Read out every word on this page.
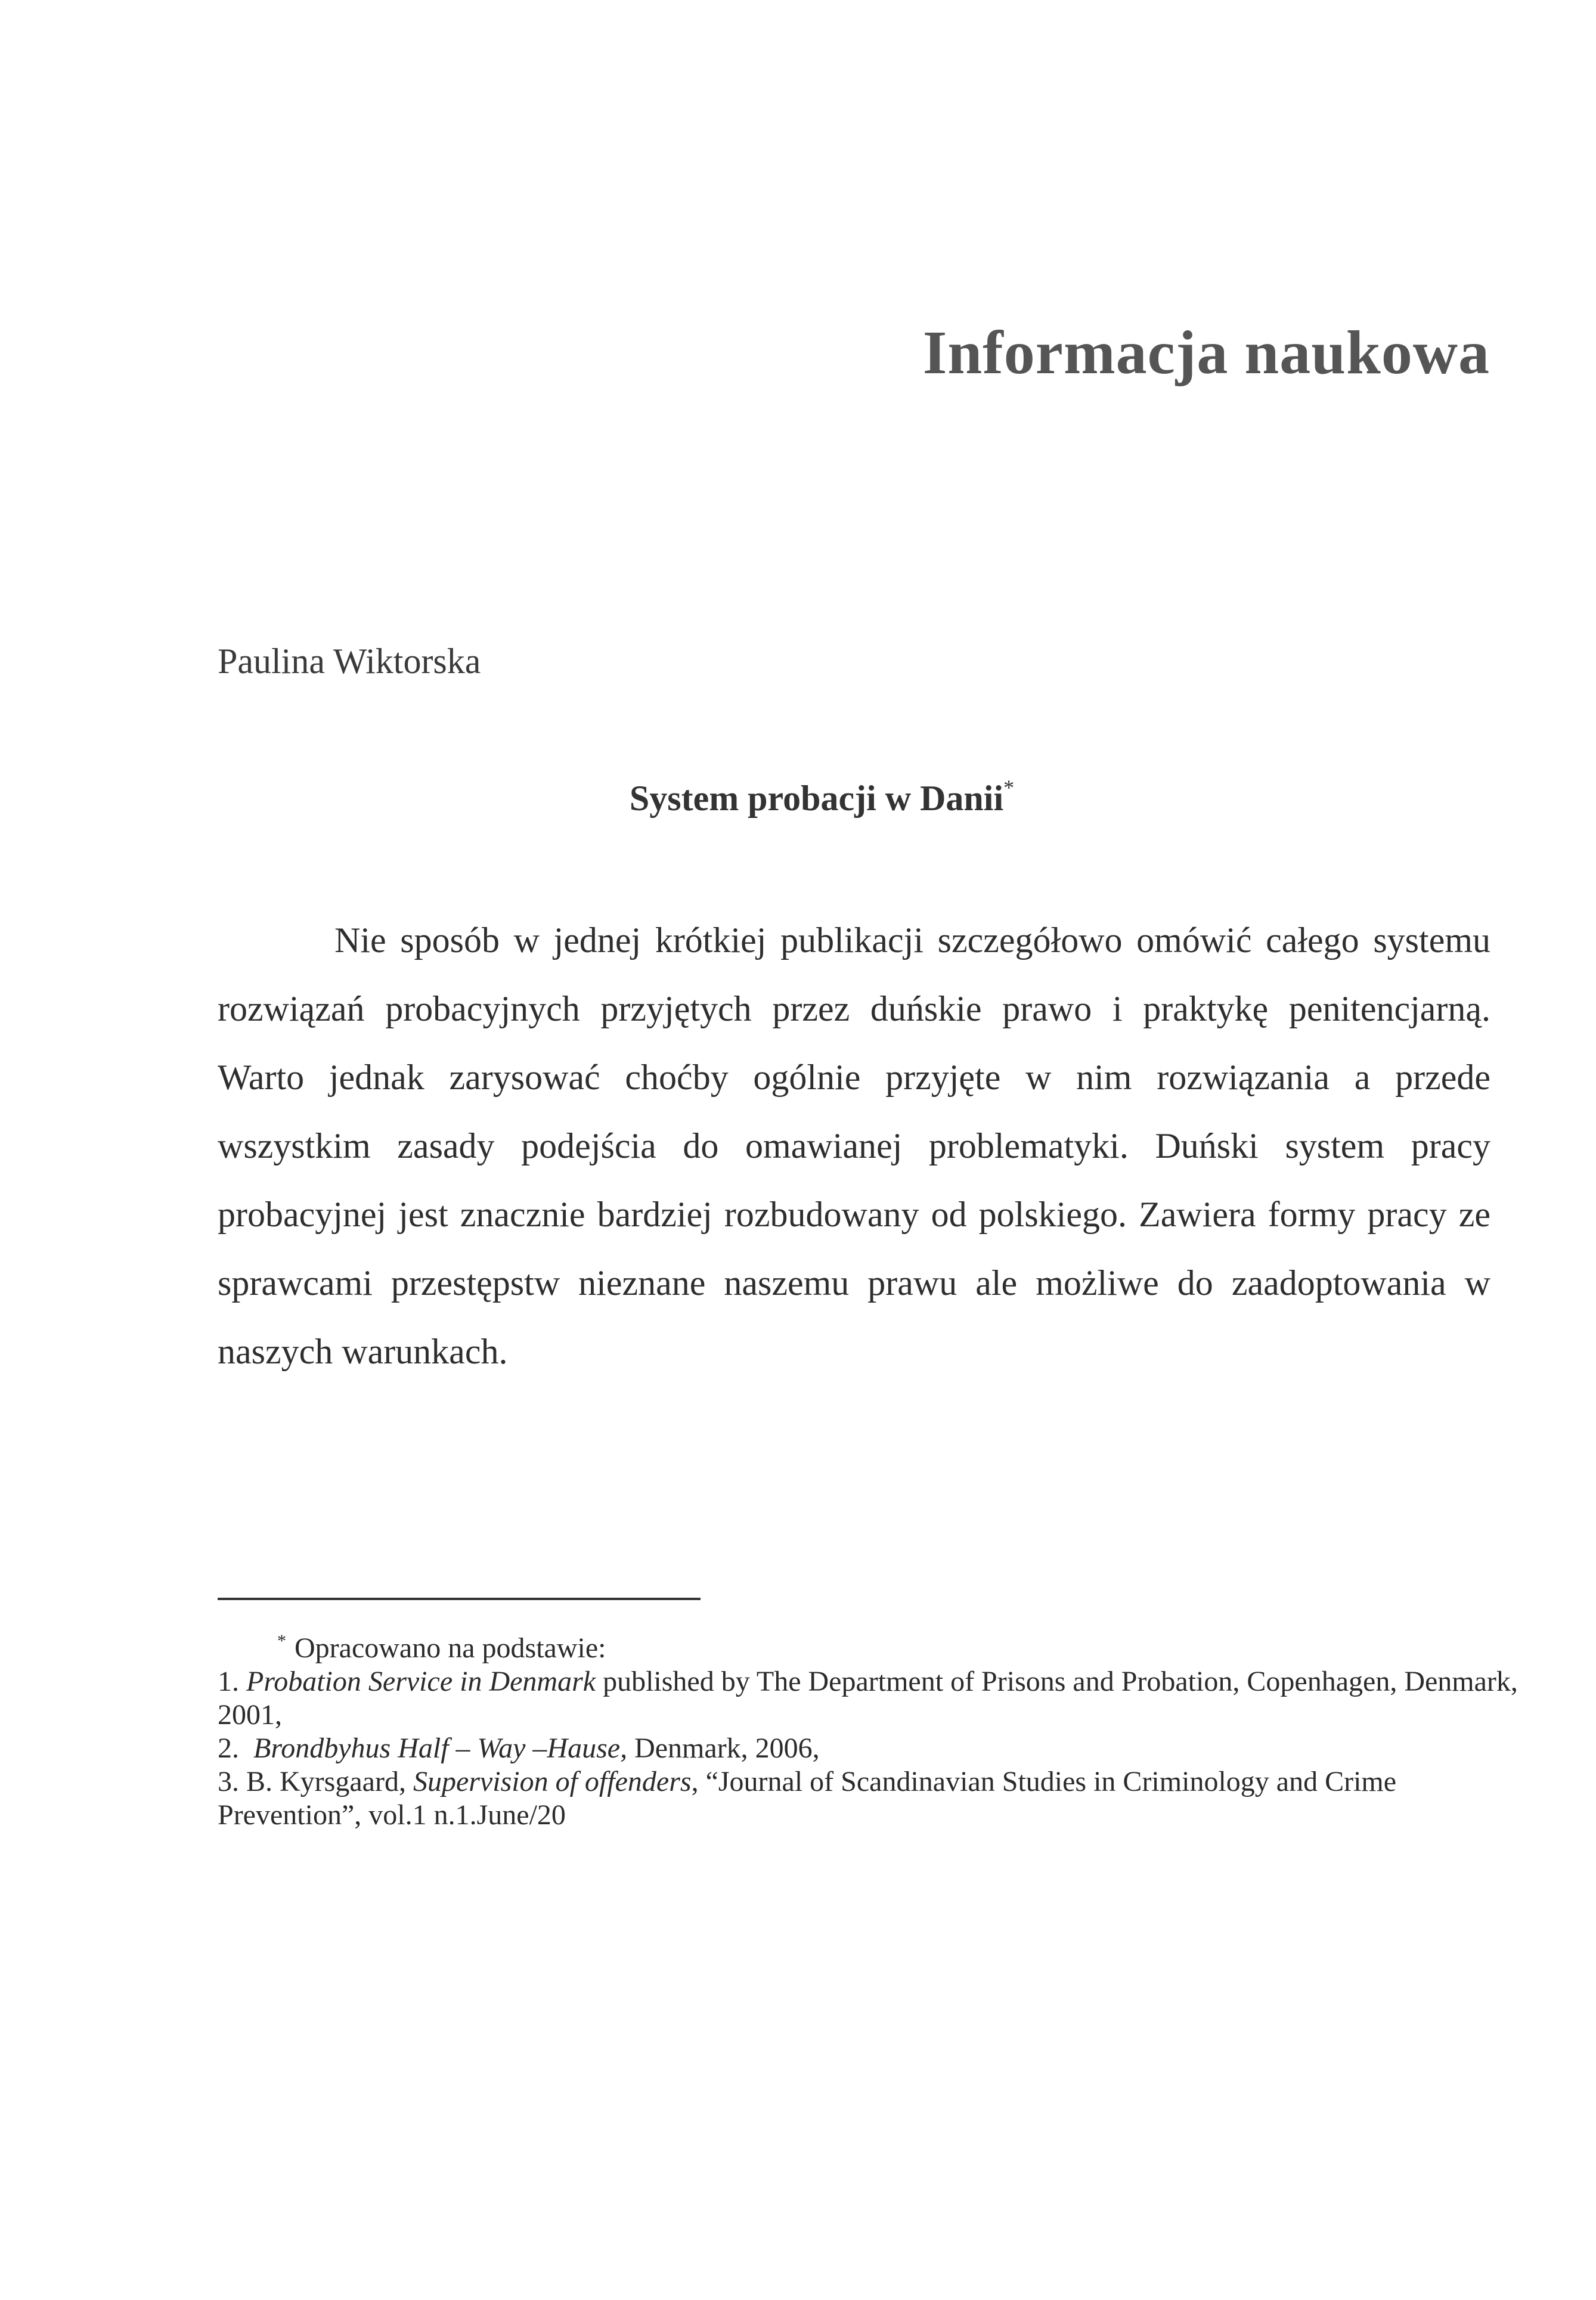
Informacja naukowa
Paulina Wiktorska
System probacji w Danii*

Nie sposób w jednej krótkiej publikacji szczegółowo omówić całego systemu rozwiązań probacyjnych przyjętych przez duńskie prawo i praktykę penitencjarną. Warto jednak zarysować choćby ogólnie przyjęte w nim rozwiązania a przede wszystkim zasady podejścia do omawianej problematyki. Duński system pracy probacyjnej jest znacznie bardziej rozbudowany od polskiego. Zawiera formy pracy ze sprawcami przestępstw nieznane naszemu prawu ale możliwe do zaadoptowania w naszych warunkach.

* Opracowano na podstawie:
1. Probation Service in Denmark published by The Department of Prisons and Probation, Copenhagen, Denmark, 2001,
2. Brondbyhus Half – Way –Hause, Denmark, 2006,
3. B. Kyrsgaard, Supervision of offenders, “Journal of Scandinavian Studies in Criminology and Crime Prevention”, vol.1 n.1.June/20
